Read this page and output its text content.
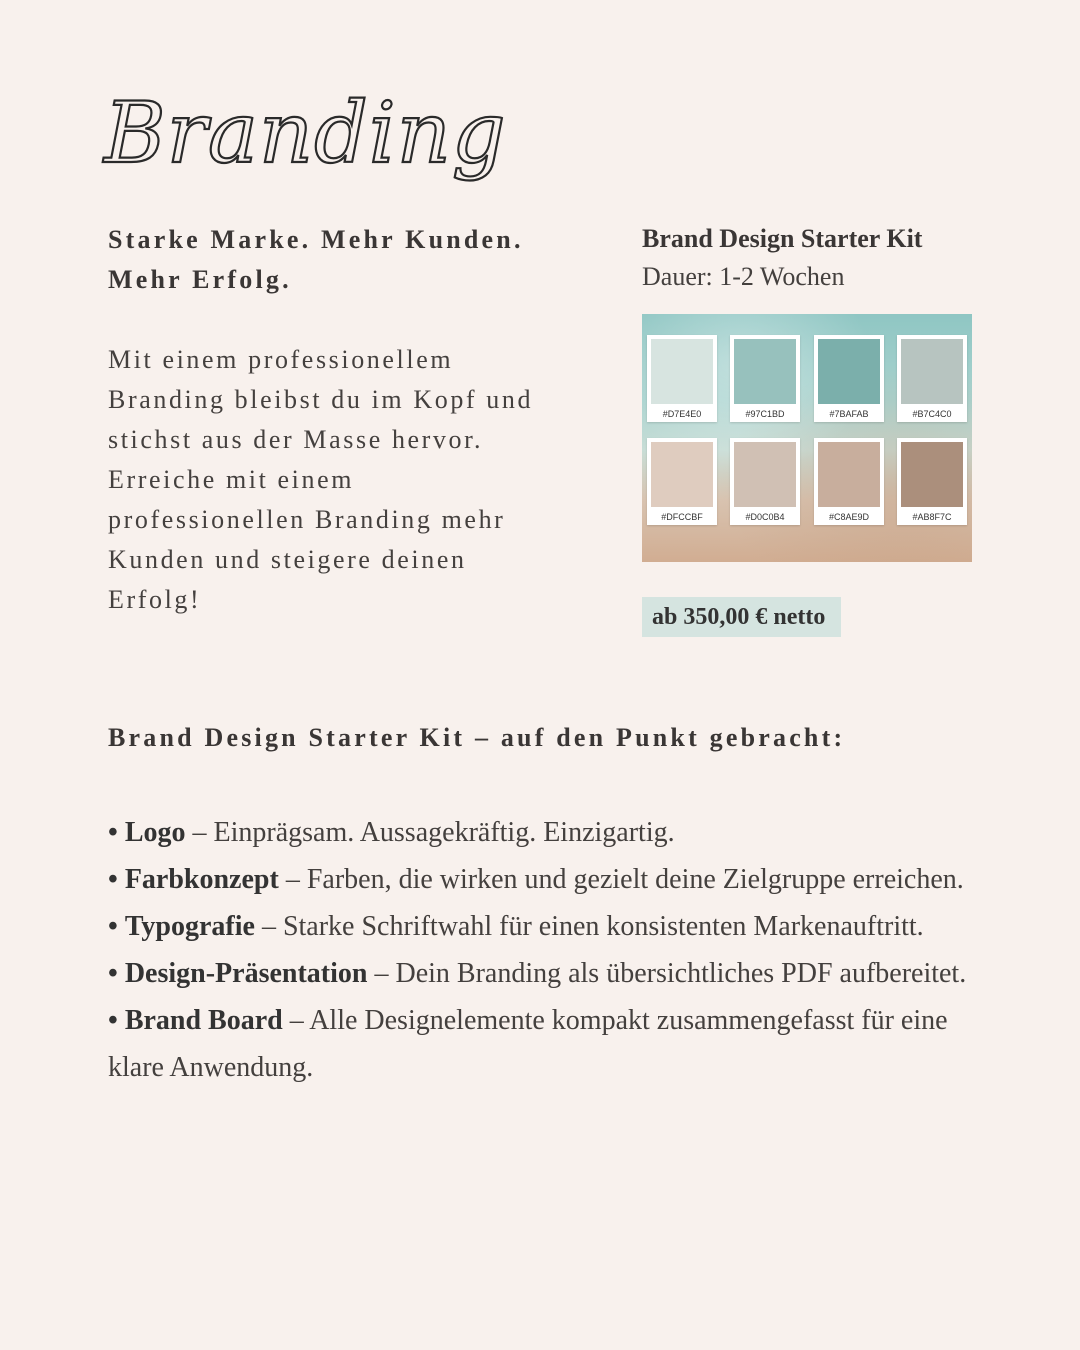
Branding

Starke Marke. Mehr Kunden. Mehr Erfolg.

Mit einem professionellem Branding bleibst du im Kopf und stichst aus der Masse hervor. Erreiche mit einem professionellen Branding mehr Kunden und steigere deinen Erfolg!

Brand Design Starter Kit

Dauer: 1-2 Wochen

#D7E4E0	#97C1BD	#7BAFAB	#B7C4C0
#DFCCBF	#D0C0B4	#C8AE9D	#AB8F7C
ab 350,00 € netto

Brand Design Starter Kit – auf den Punkt gebracht:

• Logo – Einprägsam. Aussagekräftig. Einzigartig.
• Farbkonzept – Farben, die wirken und gezielt deine Zielgruppe erreichen.
• Typografie – Starke Schriftwahl für einen konsistenten Markenauftritt.
• Design-Präsentation – Dein Branding als übersichtliches PDF aufbereitet.
• Brand Board – Alle Designelemente kompakt zusammengefasst für eine klare Anwendung.
